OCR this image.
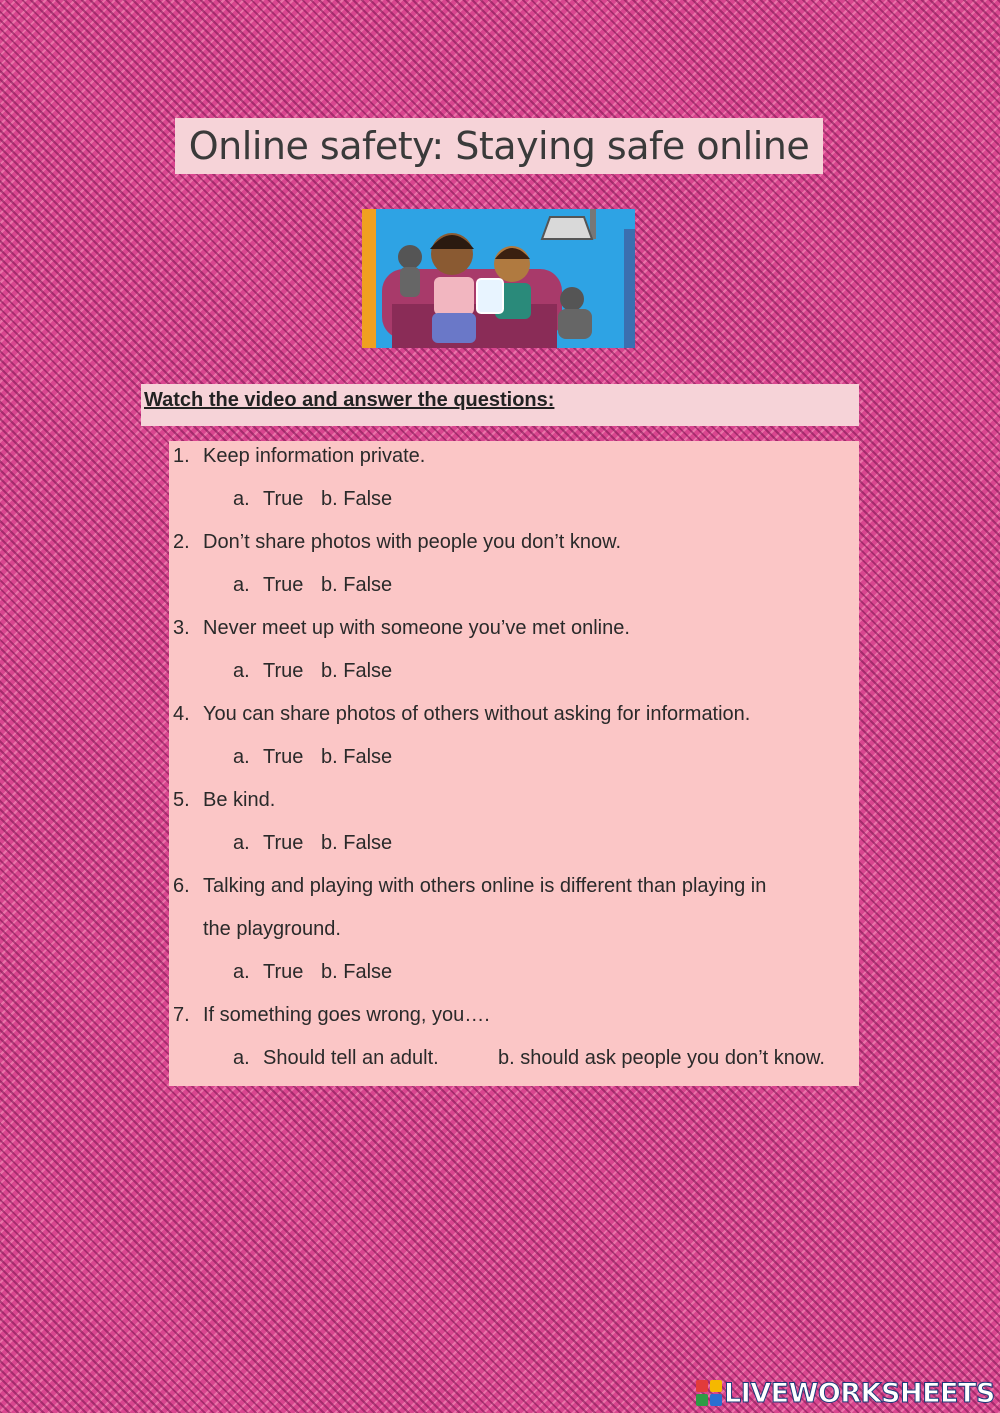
Online safety: Staying safe online
Watch the video and answer the questions:
1. Keep information private.
a. True b. False
2. Don’t share photos with people you don’t know.
a. True b. False
3. Never meet up with someone you’ve met online.
a. True b. False
4. You can share photos of others without asking for information.
a. True b. False
5. Be kind.
a. True b. False
6. Talking and playing with others online is different than playing in
the playground.
a. True b. False
7. If something goes wrong, you….
a. Should tell an adult.	b. should ask people you don’t know.
LIVEWORKSHEETS
